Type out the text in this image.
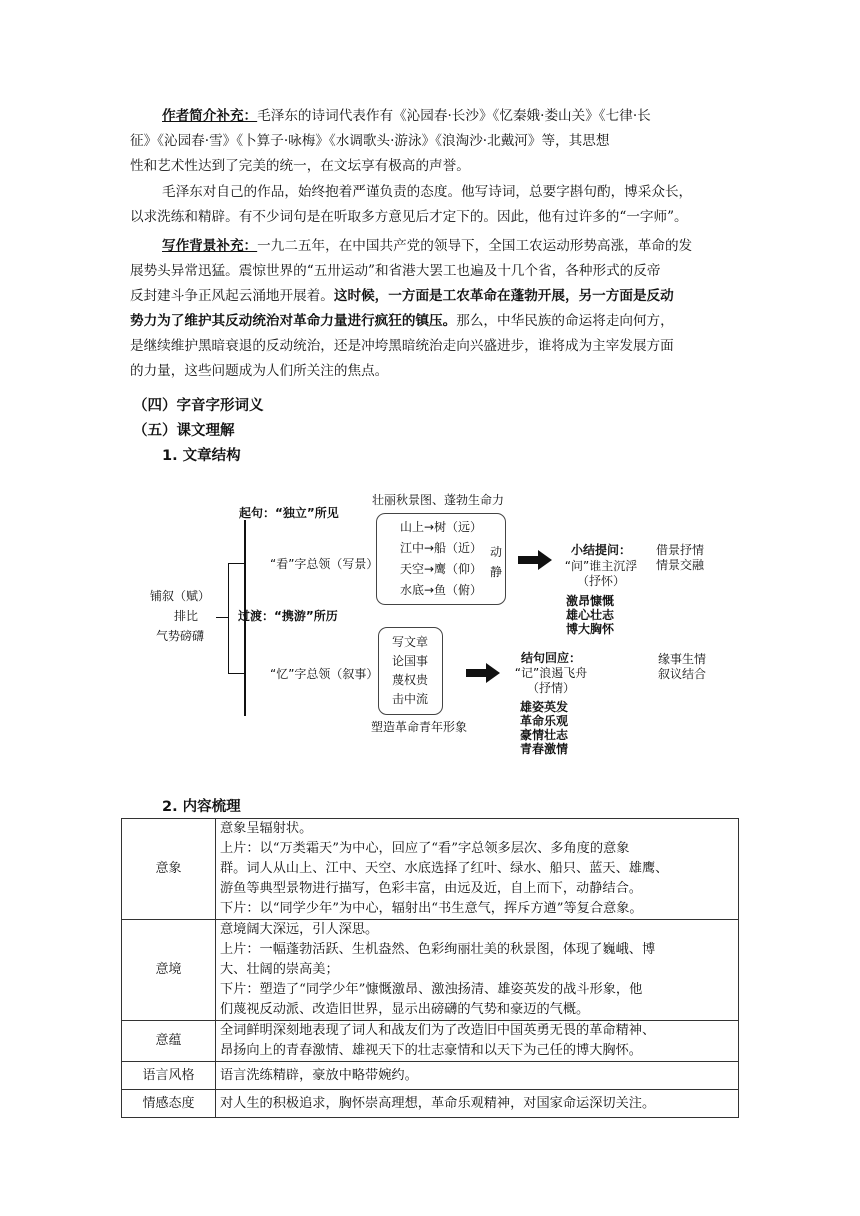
作者简介补充：毛泽东的诗词代表作有《沁园春·长沙》《忆秦娥·娄山关》《七律·长
征》《沁园春·雪》《卜算子·咏梅》《水调歌头·游泳》《浪淘沙·北戴河》等，其思想
性和艺术性达到了完美的统一，在文坛享有极高的声誉。
毛泽东对自己的作品，始终抱着严谨负责的态度。他写诗词，总要字斟句酌，博采众长，
以求洗练和精辟。有不少词句是在听取多方意见后才定下的。因此，他有过许多的“一字师”。
写作背景补充：一九二五年，在中国共产党的领导下，全国工农运动形势高涨，革命的发
展势头异常迅猛。震惊世界的“五卅运动”和省港大罢工也遍及十几个省，各种形式的反帝
反封建斗争正风起云涌地开展着。这时候，一方面是工农革命在蓬勃开展，另一方面是反动
势力为了维护其反动统治对革命力量进行疯狂的镇压。那么，中华民族的命运将走向何方，
是继续维护黑暗衰退的反动统治，还是冲垮黑暗统治走向兴盛进步，谁将成为主宰发展方面
的力量，这些问题成为人们所关注的焦点。
（四）字音字形词义
（五）课文理解
1. 文章结构
铺叙（赋）
排比
气势磅礴
起句：“独立”所见
“看”字总领（写景）
过渡：“携游”所历
“忆”字总领（叙事）
壮丽秋景图、蓬勃生命力
山上→树（远）
江中→船（近）
天空→鹰（仰）
水底→鱼（俯）
动
静
小结提问：
“问”谁主沉浮
（抒怀）
激昂慷慨
雄心壮志
博大胸怀
借景抒情
情景交融
写文章
论国事
蔑权贵
击中流
塑造革命青年形象
结句回应：
“记”浪遏飞舟
（抒情）
雄姿英发
革命乐观
豪情壮志
青春激情
缘事生情
叙议结合
2. 内容梳理
意象	意象呈辐射状。
上片：以“万类霜天”为中心，回应了“看”字总领多层次、多角度的意象
群。词人从山上、江中、天空、水底选择了红叶、绿水、船只、蓝天、雄鹰、
游鱼等典型景物进行描写，色彩丰富，由远及近，自上而下，动静结合。
下片：以“同学少年”为中心，辐射出“书生意气，挥斥方遒”等复合意象。

意境	意境阔大深远，引人深思。
上片：一幅蓬勃活跃、生机盎然、色彩绚丽壮美的秋景图，体现了巍峨、博
大、壮阔的崇高美；
下片：塑造了“同学少年”慷慨激昂、激浊扬清、雄姿英发的战斗形象，他
们蔑视反动派、改造旧世界，显示出磅礴的气势和豪迈的气概。

意蕴	全词鲜明深刻地表现了词人和战友们为了改造旧中国英勇无畏的革命精神、
昂扬向上的青春激情、雄视天下的壮志豪情和以天下为己任的博大胸怀。

语言风格	语言洗练精辟，豪放中略带婉约。

情感态度	对人生的积极追求，胸怀崇高理想，革命乐观精神，对国家命运深切关注。
